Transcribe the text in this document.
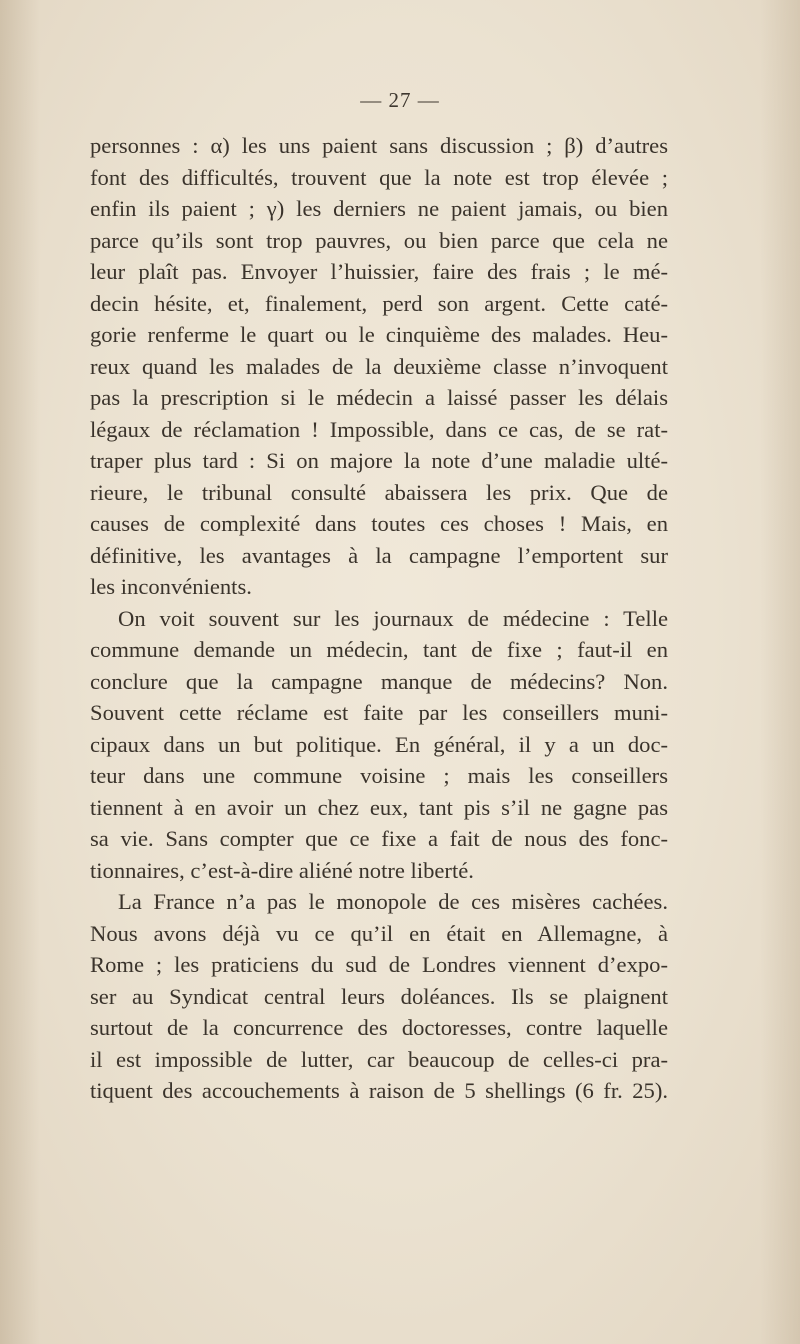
— 27 —
personnes : α) les uns paient sans discussion ; β) d’autres
font des difficultés, trouvent que la note est trop élevée ;
enfin ils paient ; γ) les derniers ne paient jamais, ou bien
parce qu’ils sont trop pauvres, ou bien parce que cela ne
leur plaît pas. Envoyer l’huissier, faire des frais ; le mé-
decin hésite, et, finalement, perd son argent. Cette caté-
gorie renferme le quart ou le cinquième des malades. Heu-
reux quand les malades de la deuxième classe n’invoquent
pas la prescription si le médecin a laissé passer les délais
légaux de réclamation ! Impossible, dans ce cas, de se rat-
traper plus tard : Si on majore la note d’une maladie ulté-
rieure, le tribunal consulté abaissera les prix. Que de
causes de complexité dans toutes ces choses ! Mais, en
définitive, les avantages à la campagne l’emportent sur
les inconvénients.
On voit souvent sur les journaux de médecine : Telle
commune demande un médecin, tant de fixe ; faut-il en
conclure que la campagne manque de médecins? Non.
Souvent cette réclame est faite par les conseillers muni-
cipaux dans un but politique. En général, il y a un doc-
teur dans une commune voisine ; mais les conseillers
tiennent à en avoir un chez eux, tant pis s’il ne gagne pas
sa vie. Sans compter que ce fixe a fait de nous des fonc-
tionnaires, c’est-à-dire aliéné notre liberté.
La France n’a pas le monopole de ces misères cachées.
Nous avons déjà vu ce qu’il en était en Allemagne, à
Rome ; les praticiens du sud de Londres viennent d’expo-
ser au Syndicat central leurs doléances. Ils se plaignent
surtout de la concurrence des doctoresses, contre laquelle
il est impossible de lutter, car beaucoup de celles-ci pra-
tiquent des accouchements à raison de 5 shellings (6 fr. 25).
